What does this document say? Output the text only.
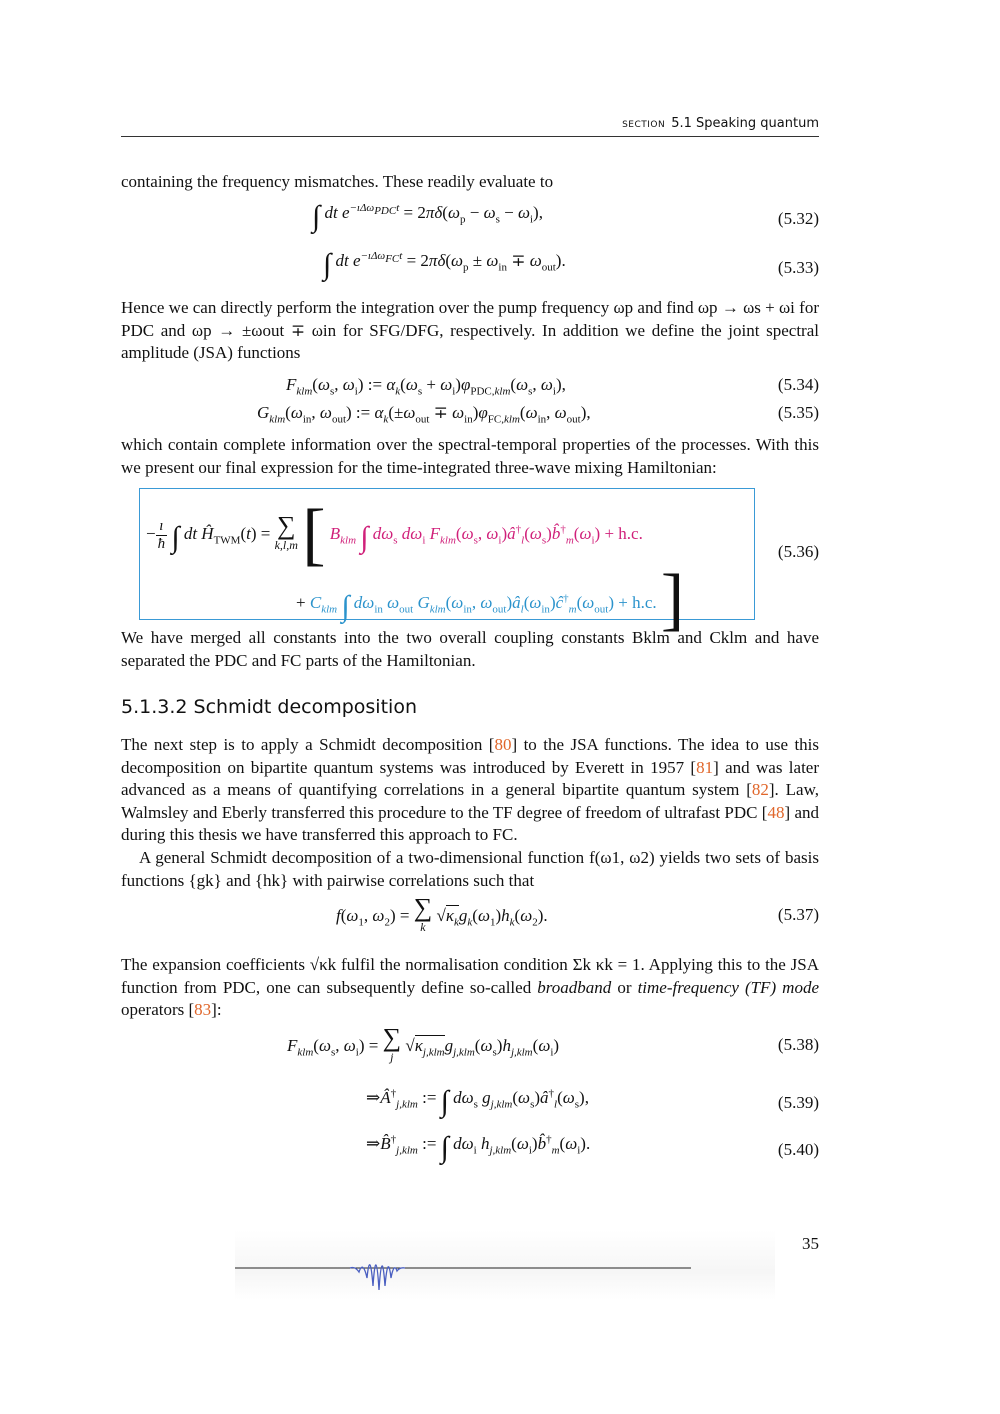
section 5.1 Speaking quantum
containing the frequency mismatches. These readily evaluate to
∫ dt $e^{-ı\Delta\omega_{PDC}t} = 2\pi\delta(\omega_p - \omega_s - \omega_i)$,	(5.32)
∫ dt $e^{-ı\Delta\omega_{FC}t} = 2\pi\delta(\omega_p \pm \omega_{in} \mp \omega_{out})$.	(5.33)
Hence we can directly perform the integration over the pump frequency ωp and find ωp → ωs + ωi for PDC and ωp → ±ωout ∓ ωin for SFG/DFG, respectively. In addition we define the joint spectral amplitude (JSA) functions
$F_{klm}(\omega_s$, $\omega_i$) := $\alpha_k(\omega_s + \omega_i)\varphi_{PDC,klm}(\omega_s$, $\omega_i$),	(5.34)
$G_{klm}(\omega_{in}$, $\omega_{out}$) := $\alpha_k(\pm\omega_{out} \mp \omega_{in})\varphi_{FC,klm}(\omega_{in}$, $\omega_{out}$),	(5.35)
which contain complete information over the spectral-temporal properties of the processes. With this we present our final expression for the time-integrated three-wave mixing Hamiltonian:
$-\frac{ı}{ħ}$ ∫ dt $Ĥ_{TWM}(t)$ = ∑
k,l,m [ $B_{klm}$ ∫ $d\omega_s$ $d\omega_i$ $F_{klm}(\omega_s$, $\omega_i)â^\dagger_l(\omega_s)b̂^\dagger_m(\omega_i) + h.c$.
+ $C_{klm}$ ∫ $d\omega_{in}$ $\omega_{out}$ $G_{klm}(\omega_{in}$, $\omega_{out})â_l(\omega_{in})ĉ^\dagger_m(\omega_{out}) + h.c$. ]
(5.36)
We have merged all constants into the two overall coupling constants Bklm and Cklm and have separated the PDC and FC parts of the Hamiltonian.
5.1.3.2 Schmidt decomposition
The next step is to apply a Schmidt decomposition [80] to the JSA functions. The idea to use this decomposition on bipartite quantum systems was introduced by Everett in 1957 [81] and was later advanced as a means of quantifying correlations in a general bipartite quantum system [82]. Law, Walmsley and Eberly transferred this procedure to the TF degree of freedom of ultrafast PDC [48] and during this thesis we have transferred this approach to FC.
A general Schmidt decomposition of a two-dimensional function f(ω1, ω2) yields two sets of basis functions {gk} and {hk} with pairwise correlations such that
$f(\omega_1$, $\omega_2$) = ∑
k $√\kappa_kg_k(\omega_1)h_k(\omega_2)$.	(5.37)
The expansion coefficients √κk fulfil the normalisation condition Σk κk = 1. Applying this to the JSA function from PDC, one can subsequently define so-called broadband or time-frequency (TF) mode operators [83]:
$F_{klm}(\omega_s$, $\omega_i$) = ∑
j $√\kappa_{j,klm}g_{j,klm}(\omega_s)h_{j,klm}(\omega_i)$	(5.38)
$\Rightarrow Â^\dagger_{j,klm}$ := ∫ $d\omega_s$ $g_{j,klm}(\omega_s)â^\dagger_l(\omega_s)$,	(5.39)
$\Rightarrow B̂^\dagger_{j,klm}$ := ∫ $d\omega_i$ $h_{j,klm}(\omega_i)b̂^\dagger_m(\omega_i)$.	(5.40)
35
